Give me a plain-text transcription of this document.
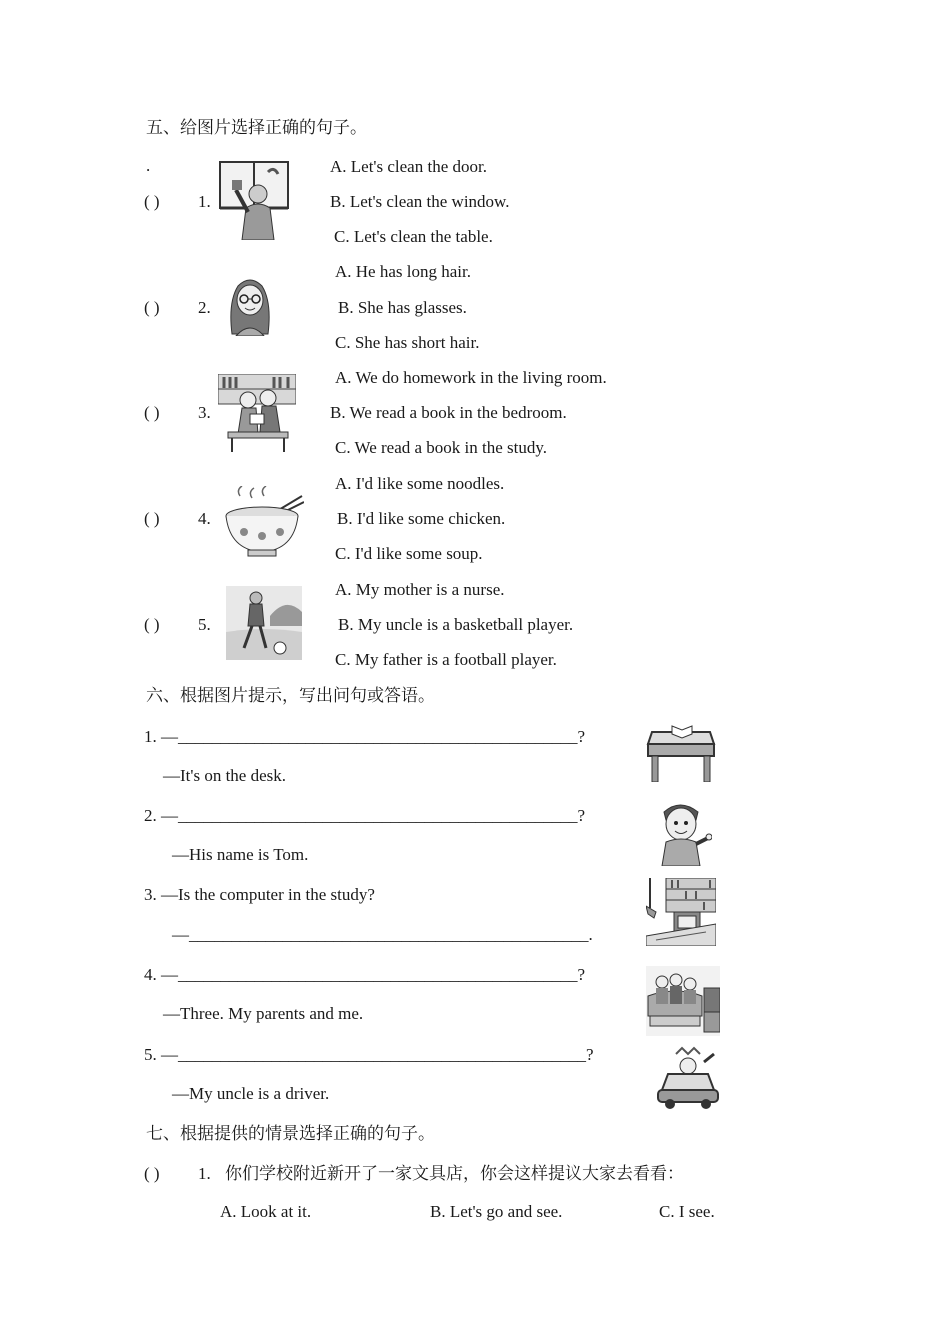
五、给图片选择正确的句子。
.
( ) 1.
A. Let's clean the door.
B. Let's clean the window.
C. Let's clean the table.
( ) 2.
A. He has long hair.
B. She has glasses.
C. She has short hair.
( ) 3.
A. We do homework in the living room.
B. We read a book in the bedroom.
C. We read a book in the study.
( ) 4.
A. I'd like some noodles.
B. I'd like some chicken.
C. I'd like some soup.
( ) 5.
A. My mother is a nurse.
B. My uncle is a basketball player.
C. My father is a football player.
六、根据图片提示，写出问句或答语。
1. —_______________________________________________?
—It's on the desk.
2. —_______________________________________________?
—His name is Tom.
3. —Is the computer in the study?
—_______________________________________________.
4. —_______________________________________________?
—Three. My parents and me.
5. —________________________________________________?
—My uncle is a driver.
七、根据提供的情景选择正确的句子。
( ) 1. 你们学校附近新开了一家文具店，你会这样提议大家去看看：
A. Look at it.	B. Let's go and see.	C. I see.
